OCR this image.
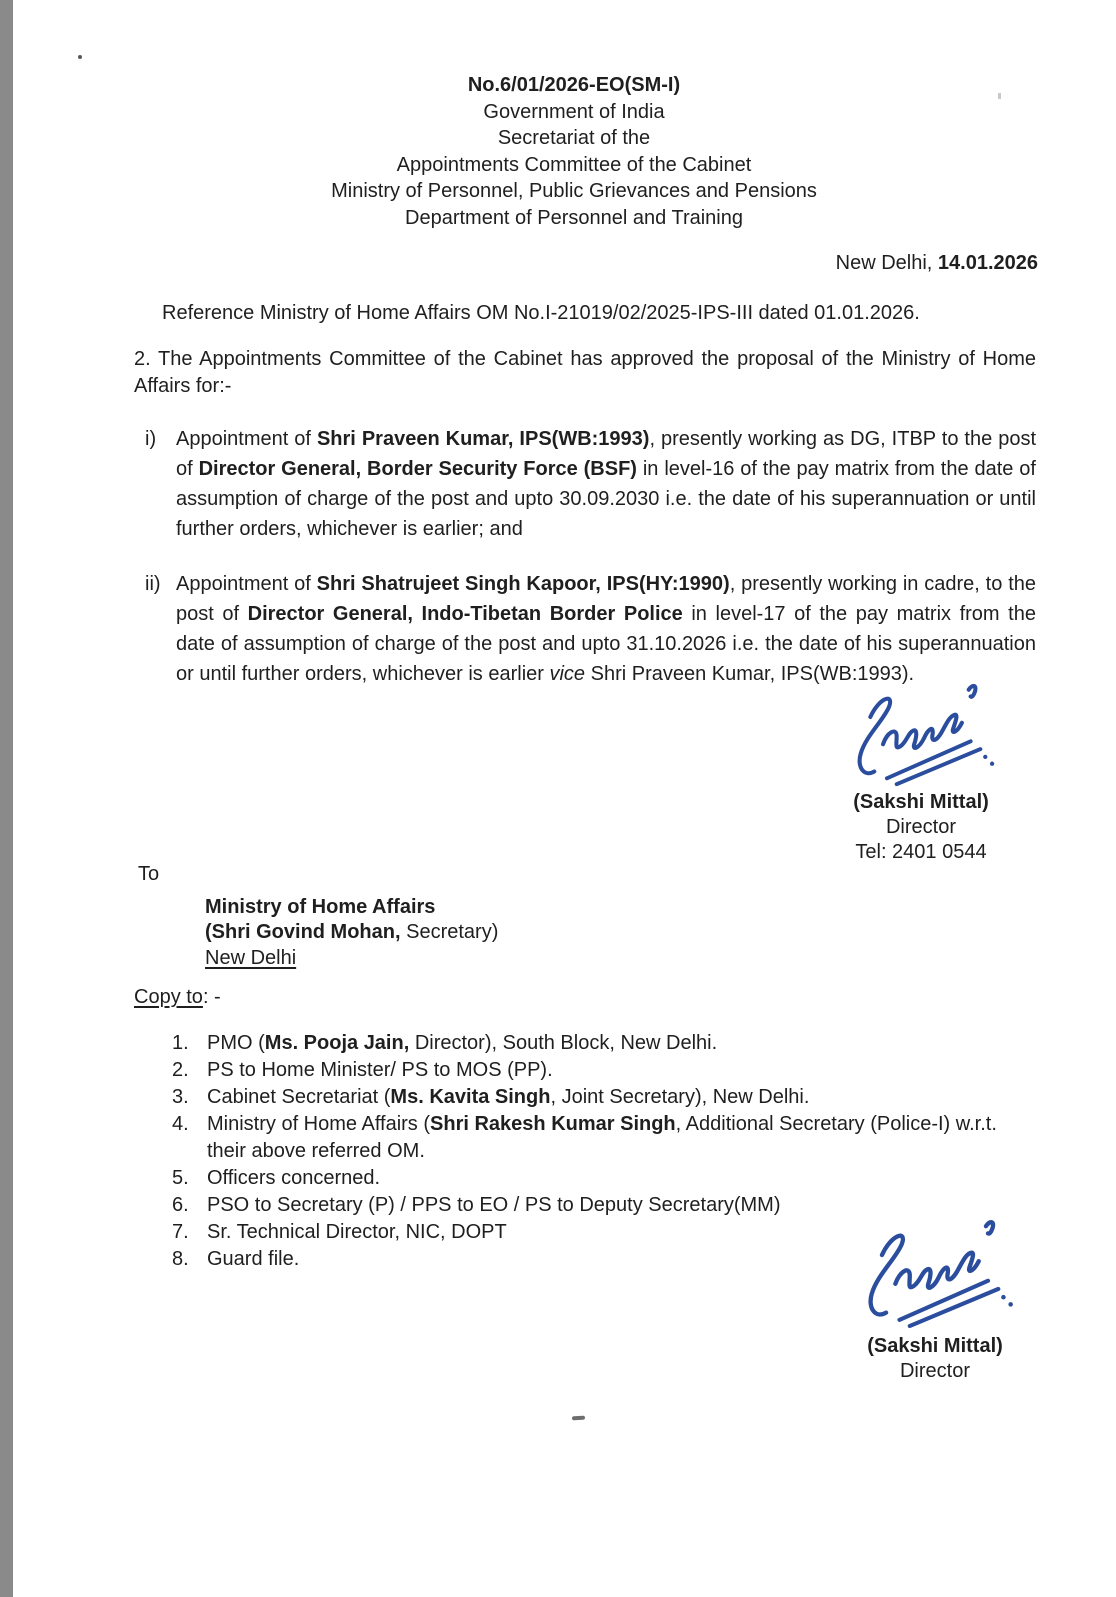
No.6/01/2026-EO(SM-I)
Government of India
Secretariat of the
Appointments Committee of the Cabinet
Ministry of Personnel, Public Grievances and Pensions
Department of Personnel and Training
New Delhi, 14.01.2026

Reference Ministry of Home Affairs OM No.I-21019/02/2025-IPS-III dated 01.01.2026.

2. The Appointments Committee of the Cabinet has approved the proposal of the Ministry of Home Affairs for:-

i) Appointment of Shri Praveen Kumar, IPS(WB:1993), presently working as DG, ITBP to the post of Director General, Border Security Force (BSF) in level-16 of the pay matrix from the date of assumption of charge of the post and upto 30.09.2030 i.e. the date of his superannuation or until further orders, whichever is earlier; and
ii) Appointment of Shri Shatrujeet Singh Kapoor, IPS(HY:1990), presently working in cadre, to the post of Director General, Indo-Tibetan Border Police in level-17 of the pay matrix from the date of assumption of charge of the post and upto 31.10.2026 i.e. the date of his superannuation or until further orders, whichever is earlier vice Shri Praveen Kumar, IPS(WB:1993).
(Sakshi Mittal)
Director
Tel: 2401 0544
To
Ministry of Home Affairs
(Shri Govind Mohan, Secretary)
New Delhi
Copy to: -
1. PMO (Ms. Pooja Jain, Director), South Block, New Delhi.
2. PS to Home Minister/ PS to MOS (PP).
3. Cabinet Secretariat (Ms. Kavita Singh, Joint Secretary), New Delhi.
4. Ministry of Home Affairs (Shri Rakesh Kumar Singh, Additional Secretary (Police-I) w.r.t. their above referred OM.
5. Officers concerned.
6. PSO to Secretary (P) / PPS to EO / PS to Deputy Secretary(MM)
7. Sr. Technical Director, NIC, DOPT
8. Guard file.
(Sakshi Mittal)
Director
